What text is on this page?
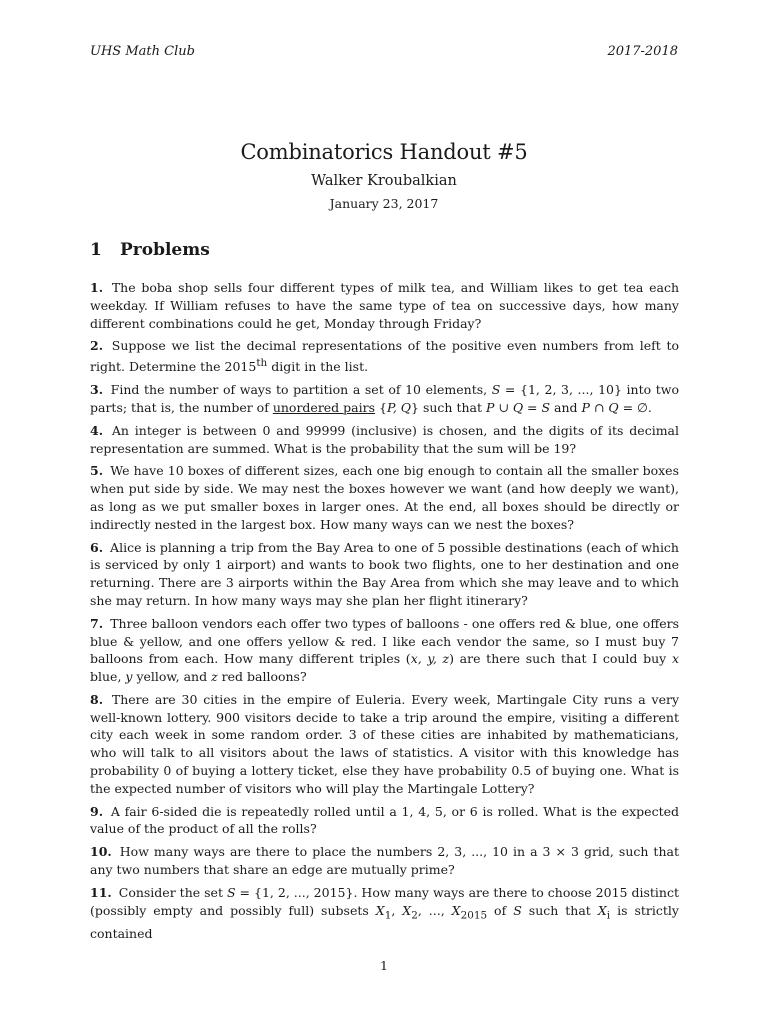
UHS Math Club	2017-2018
Combinatorics Handout #5
Walker Kroubalkian
January 23, 2017
1 Problems

1. The boba shop sells four different types of milk tea, and William likes to get tea each weekday. If William refuses to have the same type of tea on successive days, how many different combinations could he get, Monday through Friday?

2. Suppose we list the decimal representations of the positive even numbers from left to right. Determine the 2015th digit in the list.

3. Find the number of ways to partition a set of 10 elements, S = {1, 2, 3, ..., 10} into two parts; that is, the number of unordered pairs {P, Q} such that P ∪ Q = S and P ∩ Q = ∅.

4. An integer is between 0 and 99999 (inclusive) is chosen, and the digits of its decimal representation are summed. What is the probability that the sum will be 19?

5. We have 10 boxes of different sizes, each one big enough to contain all the smaller boxes when put side by side. We may nest the boxes however we want (and how deeply we want), as long as we put smaller boxes in larger ones. At the end, all boxes should be directly or indirectly nested in the largest box. How many ways can we nest the boxes?

6. Alice is planning a trip from the Bay Area to one of 5 possible destinations (each of which is serviced by only 1 airport) and wants to book two flights, one to her destination and one returning. There are 3 airports within the Bay Area from which she may leave and to which she may return. In how many ways may she plan her flight itinerary?

7. Three balloon vendors each offer two types of balloons - one offers red & blue, one offers blue & yellow, and one offers yellow & red. I like each vendor the same, so I must buy 7 balloons from each. How many different triples (x, y, z) are there such that I could buy x blue, y yellow, and z red balloons?

8. There are 30 cities in the empire of Euleria. Every week, Martingale City runs a very well-known lottery. 900 visitors decide to take a trip around the empire, visiting a different city each week in some random order. 3 of these cities are inhabited by mathematicians, who will talk to all visitors about the laws of statistics. A visitor with this knowledge has probability 0 of buying a lottery ticket, else they have probability 0.5 of buying one. What is the expected number of visitors who will play the Martingale Lottery?

9. A fair 6-sided die is repeatedly rolled until a 1, 4, 5, or 6 is rolled. What is the expected value of the product of all the rolls?

10. How many ways are there to place the numbers 2, 3, ..., 10 in a 3 × 3 grid, such that any two numbers that share an edge are mutually prime?

11. Consider the set S = {1, 2, ..., 2015}. How many ways are there to choose 2015 distinct (possibly empty and possibly full) subsets $X_1$, $X_2$, ..., $X_{2015}$ of S such that $X_i$ is strictly contained

1
